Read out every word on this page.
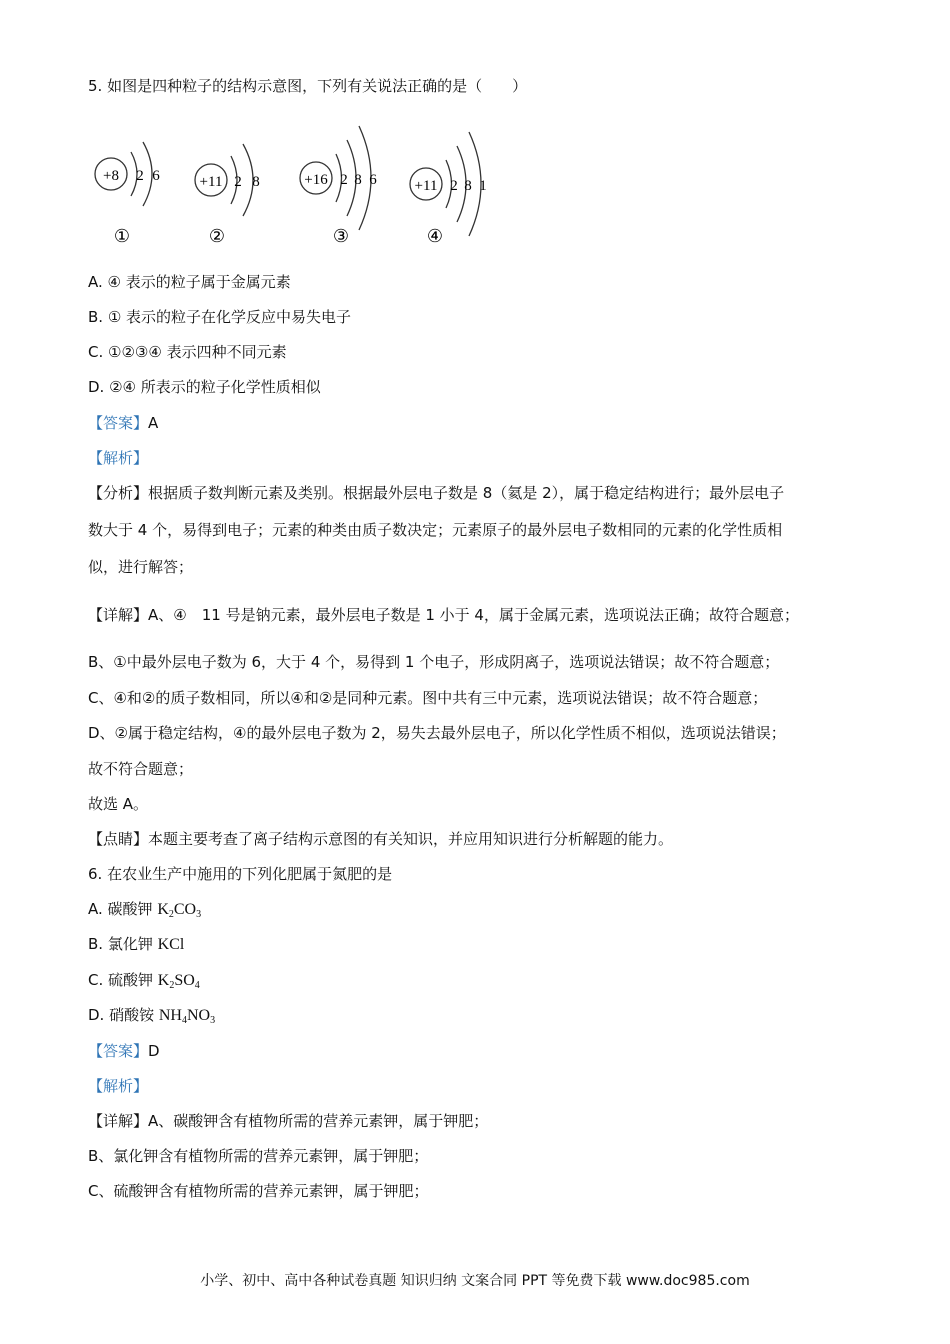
5. 如图是四种粒子的结构示意图，下列有关说法正确的是（　　）
+8 2 6
①
+11 2 8
②
+16 2 8 6
③
+11 2 8 1
④
A. ④ 表示的粒子属于金属元素
B. ① 表示的粒子在化学反应中易失电子
C. ①②③④ 表示四种不同元素
D. ②④ 所表示的粒子化学性质相似
【答案】A
【解析】
【分析】根据质子数判断元素及类别。根据最外层电子数是 8（氦是 2），属于稳定结构进行；最外层电子
数大于 4 个，易得到电子；元素的种类由质子数决定；元素原子的最外层电子数相同的元素的化学性质相
似，进行解答；
【详解】A、④　11 号是钠元素，最外层电子数是 1 小于 4，属于金属元素，选项说法正确；故符合题意；
B、①中最外层电子数为 6，大于 4 个，易得到 1 个电子，形成阴离子，选项说法错误；故不符合题意；
C、④和②的质子数相同，所以④和②是同种元素。图中共有三中元素，选项说法错误；故不符合题意；
D、②属于稳定结构，④的最外层电子数为 2，易失去最外层电子，所以化学性质不相似，选项说法错误；
故不符合题意；
故选 A。
【点睛】本题主要考查了离子结构示意图的有关知识，并应用知识进行分析解题的能力。
6. 在农业生产中施用的下列化肥属于氮肥的是
A. 碳酸钾 $K_2CO_3$
B. 氯化钾 KCl
C. 硫酸钾 $K_2SO_4$
D. 硝酸铵 $NH_4NO_3$
【答案】D
【解析】
【详解】A、碳酸钾含有植物所需的营养元素钾，属于钾肥；
B、氯化钾含有植物所需的营养元素钾，属于钾肥；
C、硫酸钾含有植物所需的营养元素钾，属于钾肥；
小学、初中、高中各种试卷真题 知识归纳 文案合同 PPT 等免费下载 www.doc985.com
